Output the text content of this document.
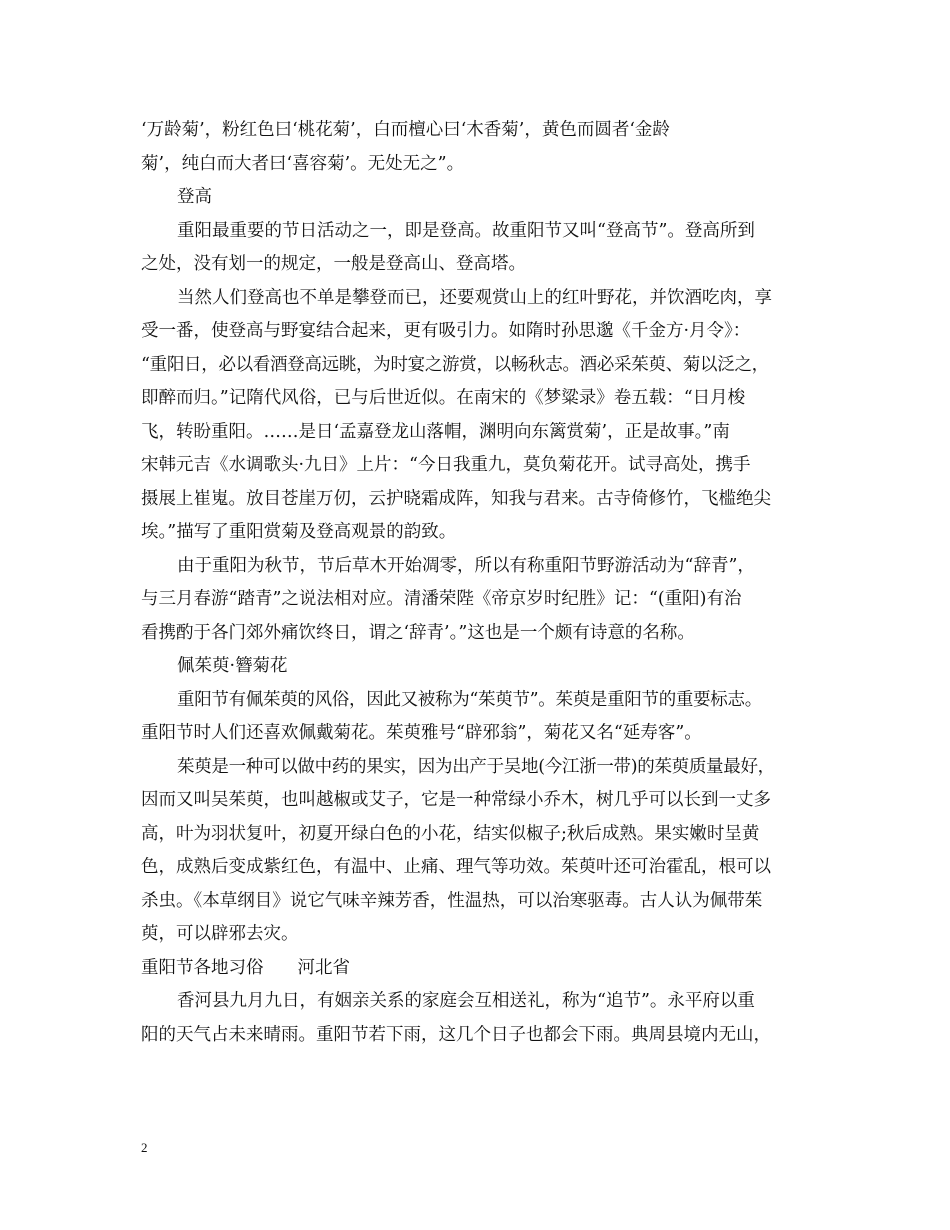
‘万龄菊’，粉红色曰‘桃花菊’，白而檀心曰‘木香菊’，黄色而圆者‘金龄
菊’，纯白而大者曰‘喜容菊’。无处无之”。
登高
重阳最重要的节日活动之一，即是登高。故重阳节又叫“登高节”。登高所到
之处，没有划一的规定，一般是登高山、登高塔。
当然人们登高也不单是攀登而已，还要观赏山上的红叶野花，并饮酒吃肉，享
受一番，使登高与野宴结合起来，更有吸引力。如隋时孙思邈《千金方·月令》：
“重阳日，必以看酒登高远眺，为时宴之游赏，以畅秋志。酒必采茱萸、菊以泛之，
即醉而归。”记隋代风俗，已与后世近似。在南宋的《梦粱录》卷五载：“日月梭
飞，转盼重阳。……是日‘孟嘉登龙山落帽，渊明向东篱赏菊’，正是故事。”南
宋韩元吉《水调歌头·九日》上片：“今日我重九，莫负菊花开。试寻高处，携手
摄展上崔嵬。放目苍崖万仞，云护晓霜成阵，知我与君来。古寺倚修竹，飞槛绝尖
埃。”描写了重阳赏菊及登高观景的韵致。
由于重阳为秋节，节后草木开始凋零，所以有称重阳节野游活动为“辞青”，
与三月春游“踏青”之说法相对应。清潘荣陛《帝京岁时纪胜》记：“(重阳)有治
看携酌于各门郊外痛饮终日，谓之‘辞青’。”这也是一个颇有诗意的名称。
佩茱萸·簪菊花
重阳节有佩茱萸的风俗，因此又被称为“茱萸节”。茱萸是重阳节的重要标志。
重阳节时人们还喜欢佩戴菊花。茱萸雅号“辟邪翁”，菊花又名“延寿客”。
茱萸是一种可以做中药的果实，因为出产于吴地(今江浙一带)的茱萸质量最好，
因而又叫吴茱萸，也叫越椒或艾子，它是一种常绿小乔木，树几乎可以长到一丈多
高，叶为羽状复叶，初夏开绿白色的小花，结实似椒子;秋后成熟。果实嫩时呈黄
色，成熟后变成紫红色，有温中、止痛、理气等功效。茱萸叶还可治霍乱，根可以
杀虫。《本草纲目》说它气味辛辣芳香，性温热，可以治寒驱毒。古人认为佩带茱
萸，可以辟邪去灾。
重阳节各地习俗 河北省
香河县九月九日，有姻亲关系的家庭会互相送礼，称为“追节”。永平府以重
阳的天气占未来晴雨。重阳节若下雨，这几个日子也都会下雨。典周县境内无山，
2
